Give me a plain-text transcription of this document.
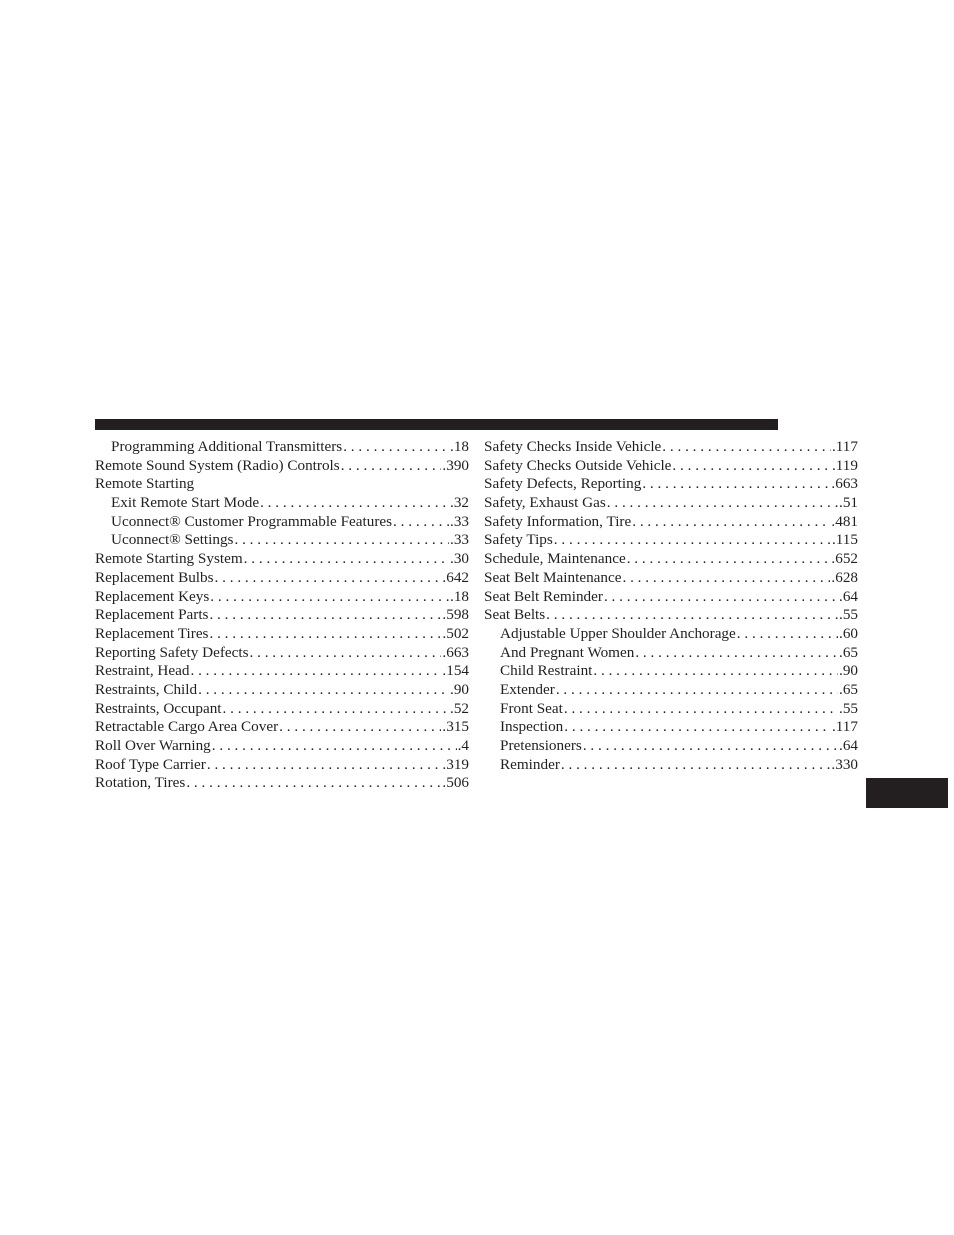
Programming Additional Transmitters . . .	.18
Remote Sound System (Radio) Controls . . .	.390
Remote Starting
Exit Remote Start Mode . . .	.32
Uconnect® Customer Programmable Features . . .	.33
Uconnect® Settings . . .	.33
Remote Starting System . . .	.30
Replacement Bulbs . . .	.642
Replacement Keys . . .	.18
Replacement Parts . . .	.598
Replacement Tires . . .	.502
Reporting Safety Defects . . .	.663
Restraint, Head . . .	.154
Restraints, Child . . .	.90
Restraints, Occupant . . .	.52
Retractable Cargo Area Cover . . .	.315
Roll Over Warning . . .	.4
Roof Type Carrier . . .	.319
Rotation, Tires . . .	.506
Safety Checks Inside Vehicle . . .	.117
Safety Checks Outside Vehicle . . .	.119
Safety Defects, Reporting . . .	.663
Safety, Exhaust Gas . . .	.51
Safety Information, Tire . . .	.481
Safety Tips . . .	.115
Schedule, Maintenance . . .	.652
Seat Belt Maintenance . . .	.628
Seat Belt Reminder . . .	.64
Seat Belts . . .	.55
Adjustable Upper Shoulder Anchorage . . .	.60
And Pregnant Women . . .	.65
Child Restraint . . .	.90
Extender . . .	.65
Front Seat . . .	.55
Inspection . . .	.117
Pretensioners . . .	.64
Reminder . . .	.330
